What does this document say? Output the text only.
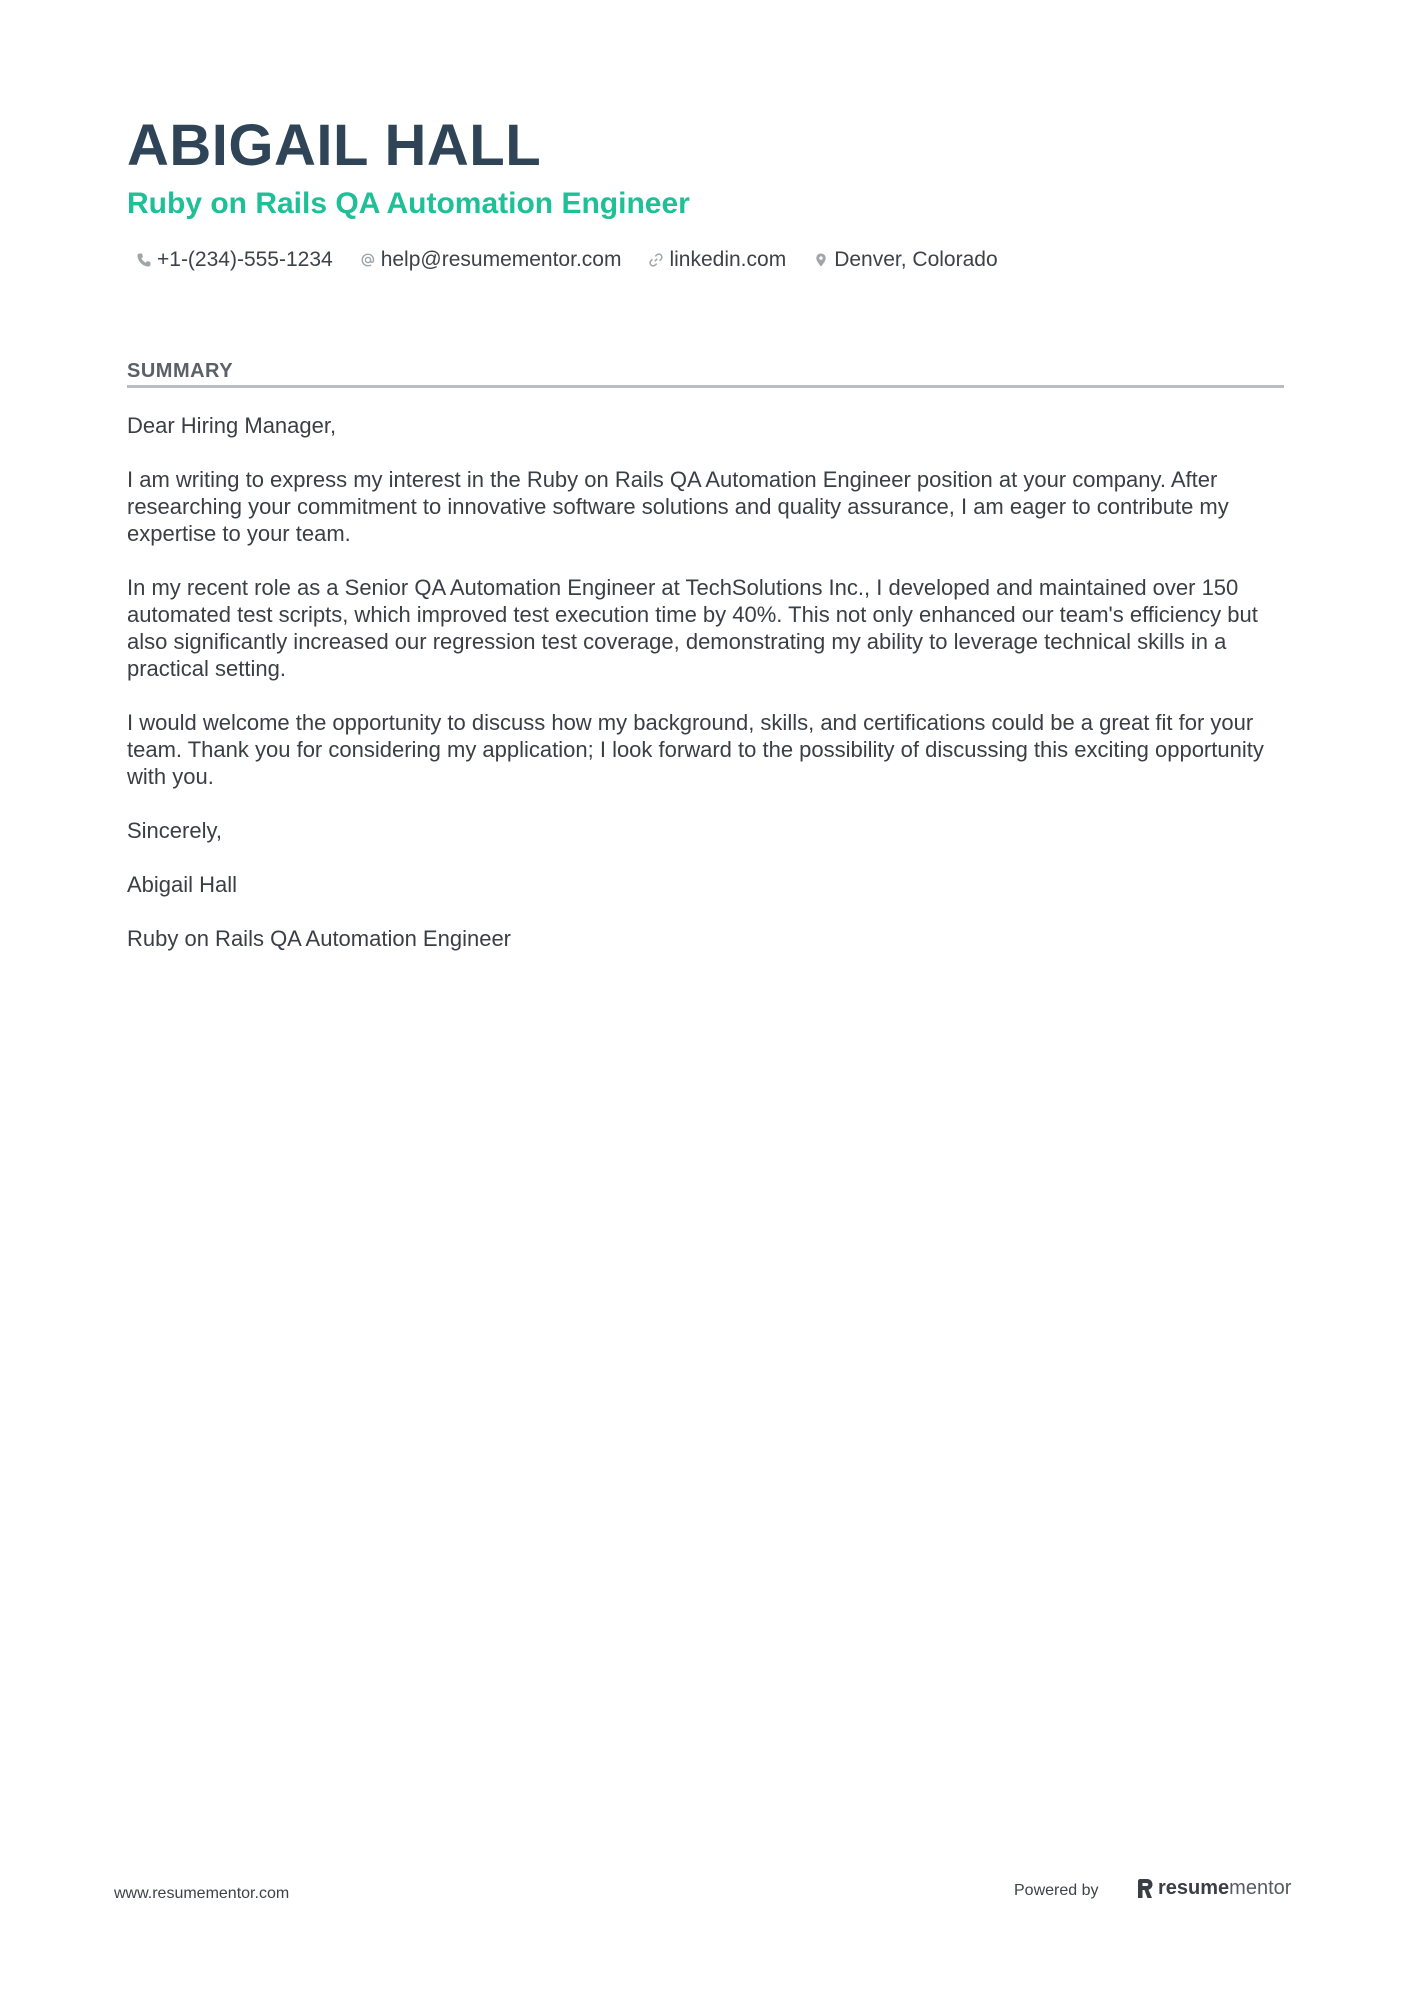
ABIGAIL HALL
Ruby on Rails QA Automation Engineer
+1-(234)-555-1234 help@resumementor.com linkedin.com Denver, Colorado
SUMMARY

Dear Hiring Manager,

I am writing to express my interest in the Ruby on Rails QA Automation Engineer position at your company. After researching your commitment to innovative software solutions and quality assurance, I am eager to contribute my expertise to your team.

In my recent role as a Senior QA Automation Engineer at TechSolutions Inc., I developed and maintained over 150 automated test scripts, which improved test execution time by 40%. This not only enhanced our team's efficiency but also significantly increased our regression test coverage, demonstrating my ability to leverage technical skills in a practical setting.

I would welcome the opportunity to discuss how my background, skills, and certifications could be a great fit for your team. Thank you for considering my application; I look forward to the possibility of discussing this exciting opportunity with you.

Sincerely,

Abigail Hall

Ruby on Rails QA Automation Engineer

www.resumementor.com	Powered by	resume mentor
